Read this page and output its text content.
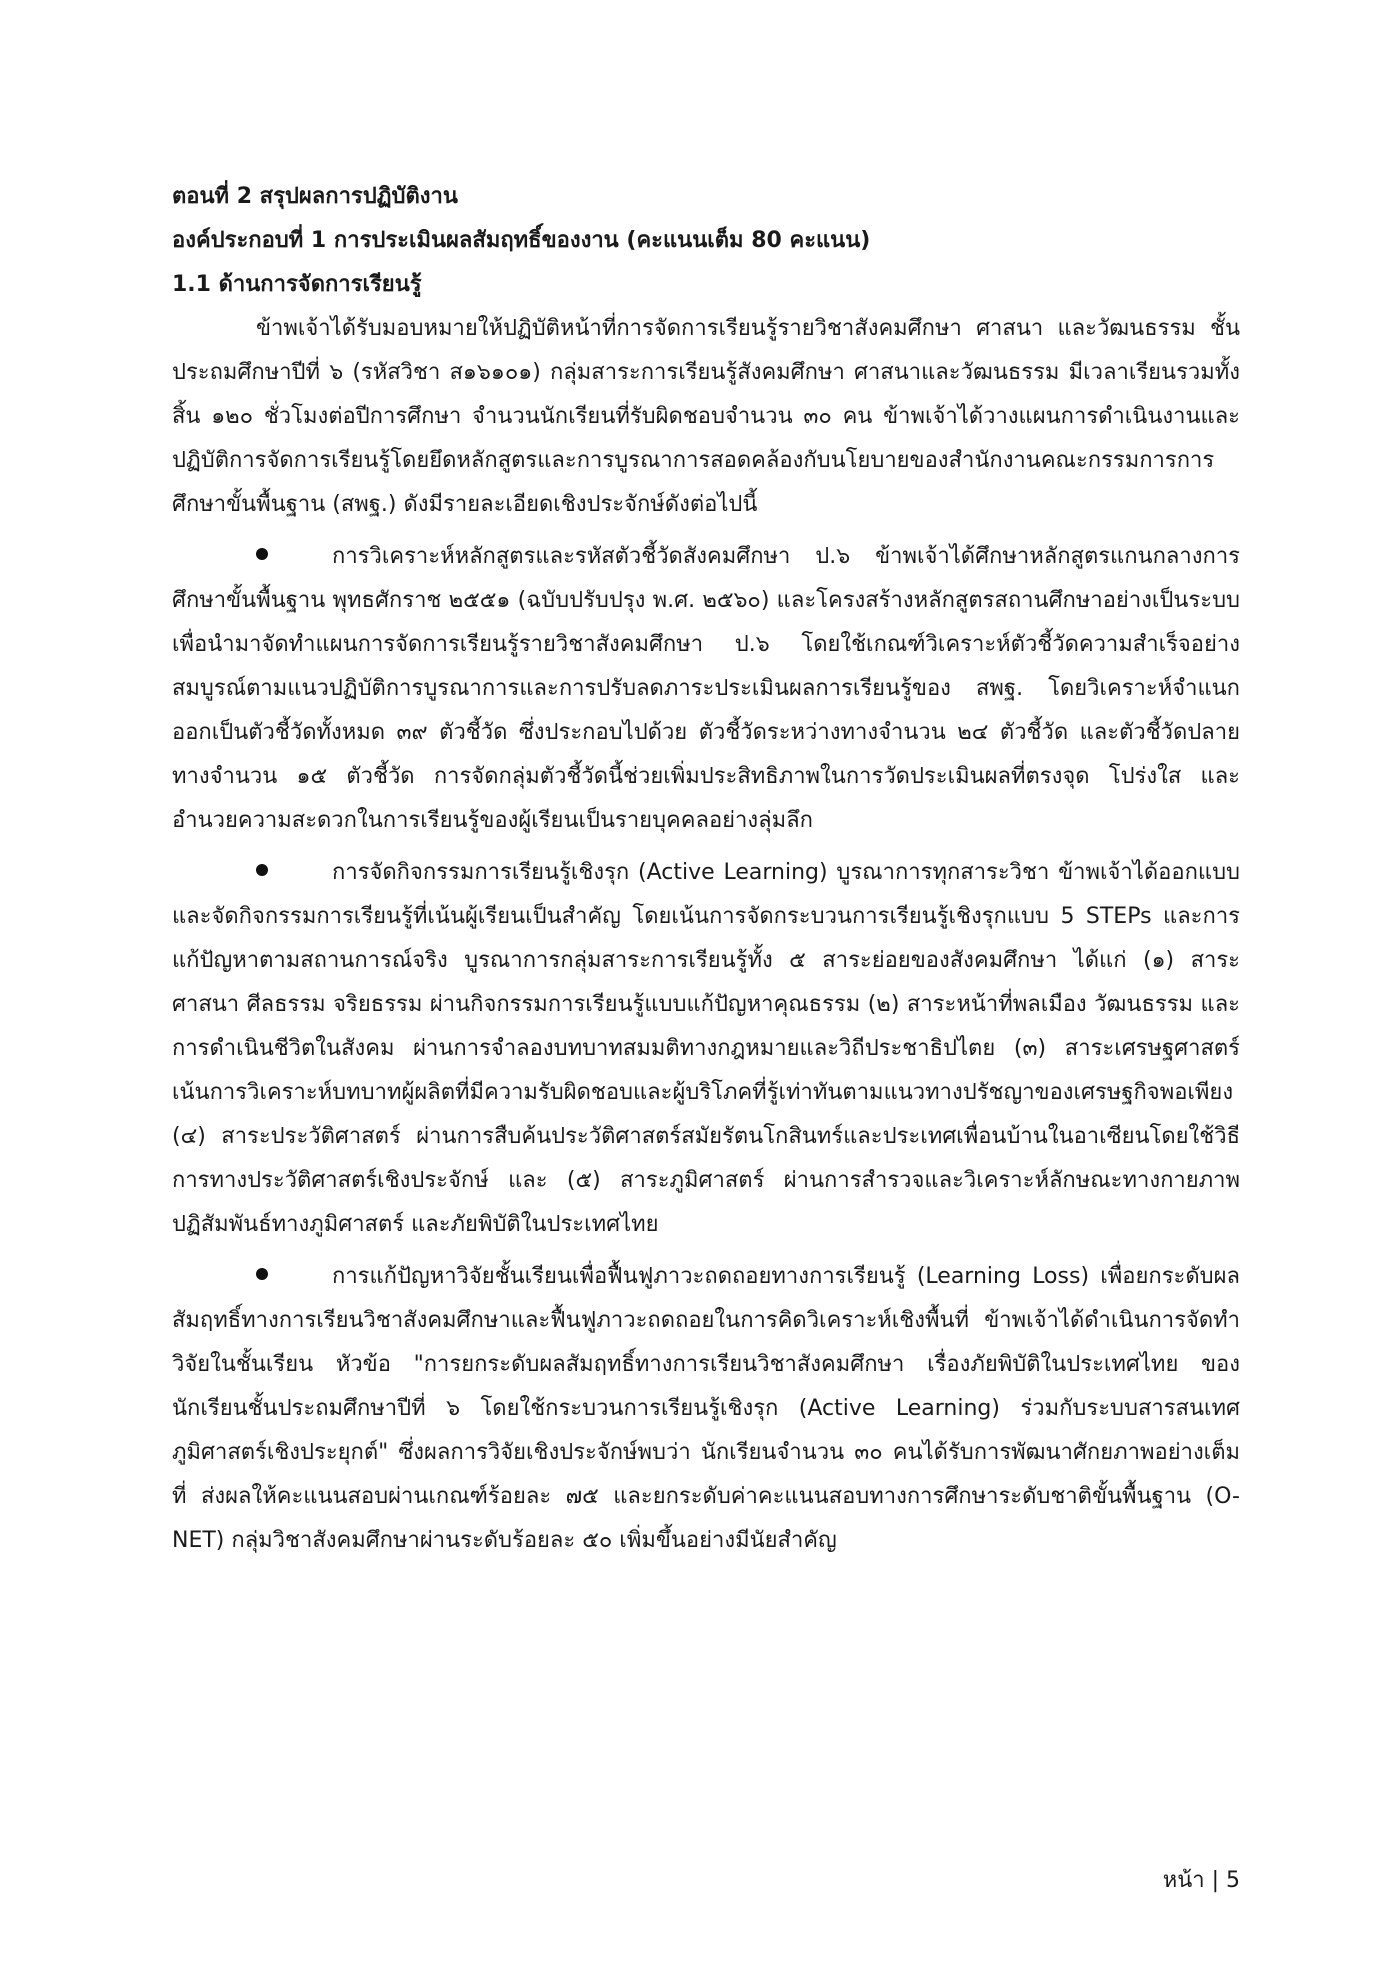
ตอนที่ 2 สรุปผลการปฏิบัติงาน

องค์ประกอบที่ 1 การประเมินผลสัมฤทธิ์ของงาน (คะแนนเต็ม 80 คะแนน)

1.1 ด้านการจัดการเรียนรู้

ข้าพเจ้าได้รับมอบหมายให้ปฏิบัติหน้าที่การจัดการเรียนรู้รายวิชาสังคมศึกษา ศาสนา และวัฒนธรรม ชั้นประถมศึกษาปีที่ ๖ (รหัสวิชา ส๑๖๑๐๑) กลุ่มสาระการเรียนรู้สังคมศึกษา ศาสนาและวัฒนธรรม มีเวลาเรียนรวมทั้งสิ้น ๑๒๐ ชั่วโมงต่อปีการศึกษา จำนวนนักเรียนที่รับผิดชอบจำนวน ๓๐ คน ข้าพเจ้าได้วางแผนการดำเนินงานและปฏิบัติการจัดการเรียนรู้โดยยึดหลักสูตรและการบูรณาการสอดคล้องกับนโยบายของสำนักงานคณะกรรมการการศึกษาขั้นพื้นฐาน (สพฐ.) ดังมีรายละเอียดเชิงประจักษ์ดังต่อไปนี้

การวิเคราะห์หลักสูตรและรหัสตัวชี้วัดสังคมศึกษา ป.๖ ข้าพเจ้าได้ศึกษาหลักสูตรแกนกลางการศึกษาขั้นพื้นฐาน พุทธศักราช ๒๕๕๑ (ฉบับปรับปรุง พ.ศ. ๒๕๖๐) และโครงสร้างหลักสูตรสถานศึกษาอย่างเป็นระบบ เพื่อนำมาจัดทำแผนการจัดการเรียนรู้รายวิชาสังคมศึกษา ป.๖ โดยใช้เกณฑ์วิเคราะห์ตัวชี้วัดความสำเร็จอย่างสมบูรณ์ตามแนวปฏิบัติการบูรณาการและการปรับลดภาระประเมินผลการเรียนรู้ของ สพฐ. โดยวิเคราะห์จำแนกออกเป็นตัวชี้วัดทั้งหมด ๓๙ ตัวชี้วัด ซึ่งประกอบไปด้วย ตัวชี้วัดระหว่างทางจำนวน ๒๔ ตัวชี้วัด และตัวชี้วัดปลายทางจำนวน ๑๕ ตัวชี้วัด การจัดกลุ่มตัวชี้วัดนี้ช่วยเพิ่มประสิทธิภาพในการวัดประเมินผลที่ตรงจุด โปร่งใส และอำนวยความสะดวกในการเรียนรู้ของผู้เรียนเป็นรายบุคคลอย่างลุ่มลึก

การจัดกิจกรรมการเรียนรู้เชิงรุก (Active Learning) บูรณาการทุกสาระวิชา ข้าพเจ้าได้ออกแบบและจัดกิจกรรมการเรียนรู้ที่เน้นผู้เรียนเป็นสำคัญ โดยเน้นการจัดกระบวนการเรียนรู้เชิงรุกแบบ 5 STEPs และการแก้ปัญหาตามสถานการณ์จริง บูรณาการกลุ่มสาระการเรียนรู้ทั้ง ๕ สาระย่อยของสังคมศึกษา ได้แก่ (๑) สาระศาสนา ศีลธรรม จริยธรรม ผ่านกิจกรรมการเรียนรู้แบบแก้ปัญหาคุณธรรม (๒) สาระหน้าที่พลเมือง วัฒนธรรม และการดำเนินชีวิตในสังคม ผ่านการจำลองบทบาทสมมติทางกฎหมายและวิถีประชาธิปไตย (๓) สาระเศรษฐศาสตร์ เน้นการวิเคราะห์บทบาทผู้ผลิตที่มีความรับผิดชอบและผู้บริโภคที่รู้เท่าทันตามแนวทางปรัชญาของเศรษฐกิจพอเพียง (๔) สาระประวัติศาสตร์ ผ่านการสืบค้นประวัติศาสตร์สมัยรัตนโกสินทร์และประเทศเพื่อนบ้านในอาเซียนโดยใช้วิธีการทางประวัติศาสตร์เชิงประจักษ์ และ (๕) สาระภูมิศาสตร์ ผ่านการสำรวจและวิเคราะห์ลักษณะทางกายภาพ ปฏิสัมพันธ์ทางภูมิศาสตร์ และภัยพิบัติในประเทศไทย

การแก้ปัญหาวิจัยชั้นเรียนเพื่อฟื้นฟูภาวะถดถอยทางการเรียนรู้ (Learning Loss) เพื่อยกระดับผลสัมฤทธิ์ทางการเรียนวิชาสังคมศึกษาและฟื้นฟูภาวะถดถอยในการคิดวิเคราะห์เชิงพื้นที่ ข้าพเจ้าได้ดำเนินการจัดทำวิจัยในชั้นเรียน หัวข้อ "การยกระดับผลสัมฤทธิ์ทางการเรียนวิชาสังคมศึกษา เรื่องภัยพิบัติในประเทศไทย ของนักเรียนชั้นประถมศึกษาปีที่ ๖ โดยใช้กระบวนการเรียนรู้เชิงรุก (Active Learning) ร่วมกับระบบสารสนเทศภูมิศาสตร์เชิงประยุกต์" ซึ่งผลการวิจัยเชิงประจักษ์พบว่า นักเรียนจำนวน ๓๐ คนได้รับการพัฒนาศักยภาพอย่างเต็มที่ ส่งผลให้คะแนนสอบผ่านเกณฑ์ร้อยละ ๗๕ และยกระดับค่าคะแนนสอบทางการศึกษาระดับชาติขั้นพื้นฐาน (O-NET) กลุ่มวิชาสังคมศึกษาผ่านระดับร้อยละ ๕๐ เพิ่มขึ้นอย่างมีนัยสำคัญ

หน้า | 5
